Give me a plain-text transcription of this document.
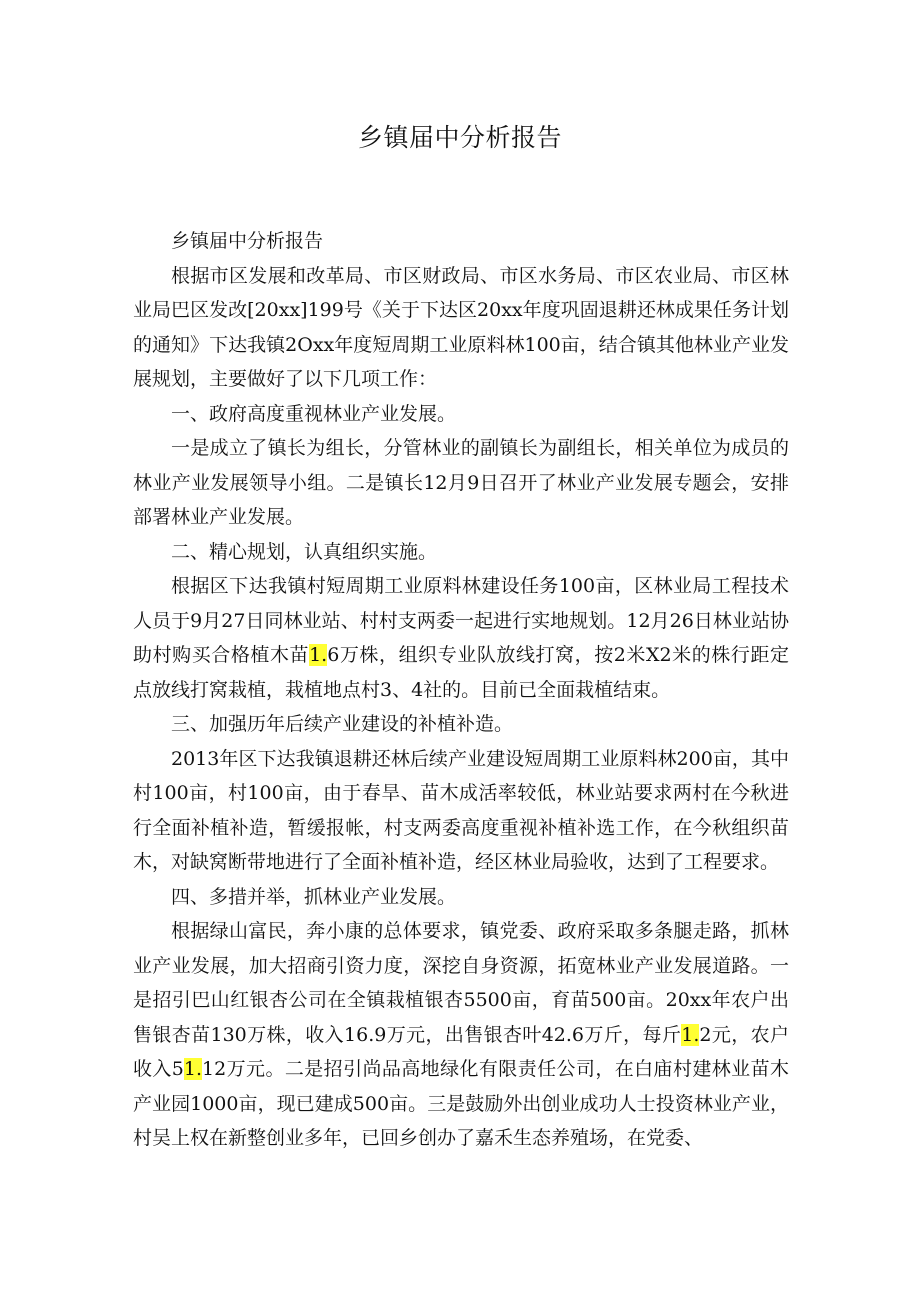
乡镇届中分析报告

乡镇届中分析报告

根据市区发展和改革局、市区财政局、市区水务局、市区农业局、市区林业局巴区发改[20xx]199号《关于下达区20xx年度巩固退耕还林成果任务计划的通知》下达我镇2Oxx年度短周期工业原料林100亩，结合镇其他林业产业发展规划，主要做好了以下几项工作：

一、政府高度重视林业产业发展。

一是成立了镇长为组长，分管林业的副镇长为副组长，相关单位为成员的林业产业发展领导小组。二是镇长12月9日召开了林业产业发展专题会，安排部署林业产业发展。

二、精心规划，认真组织实施。

根据区下达我镇村短周期工业原料林建设任务100亩，区林业局工程技术人员于9月27日同林业站、村村支两委一起进行实地规划。12月26日林业站协助村购买合格植木苗1.6万株，组织专业队放线打窝，按2米X2米的株行距定点放线打窝栽植，栽植地点村3、4社的。目前已全面栽植结束。

三、加强历年后续产业建设的补植补造。

2013年区下达我镇退耕还林后续产业建设短周期工业原料林200亩，其中村100亩，村100亩，由于春旱、苗木成活率较低，林业站要求两村在今秋进行全面补植补造，暂缓报帐，村支两委高度重视补植补选工作，在今秋组织苗木，对缺窝断带地进行了全面补植补造，经区林业局验收，达到了工程要求。

四、多措并举，抓林业产业发展。

根据绿山富民，奔小康的总体要求，镇党委、政府采取多条腿走路，抓林业产业发展，加大招商引资力度，深挖自身资源，拓宽林业产业发展道路。一是招引巴山红银杏公司在全镇栽植银杏5500亩，育苗500亩。20xx年农户出售银杏苗130万株，收入16.9万元，出售银杏叶42.6万斤，每斤1.2元，农户收入51.12万元。二是招引尚品高地绿化有限责任公司，在白庙村建林业苗木产业园1000亩，现已建成500亩。三是鼓励外出创业成功人士投资林业产业，村吴上权在新整创业多年，已回乡创办了嘉禾生态养殖场，在党委、
